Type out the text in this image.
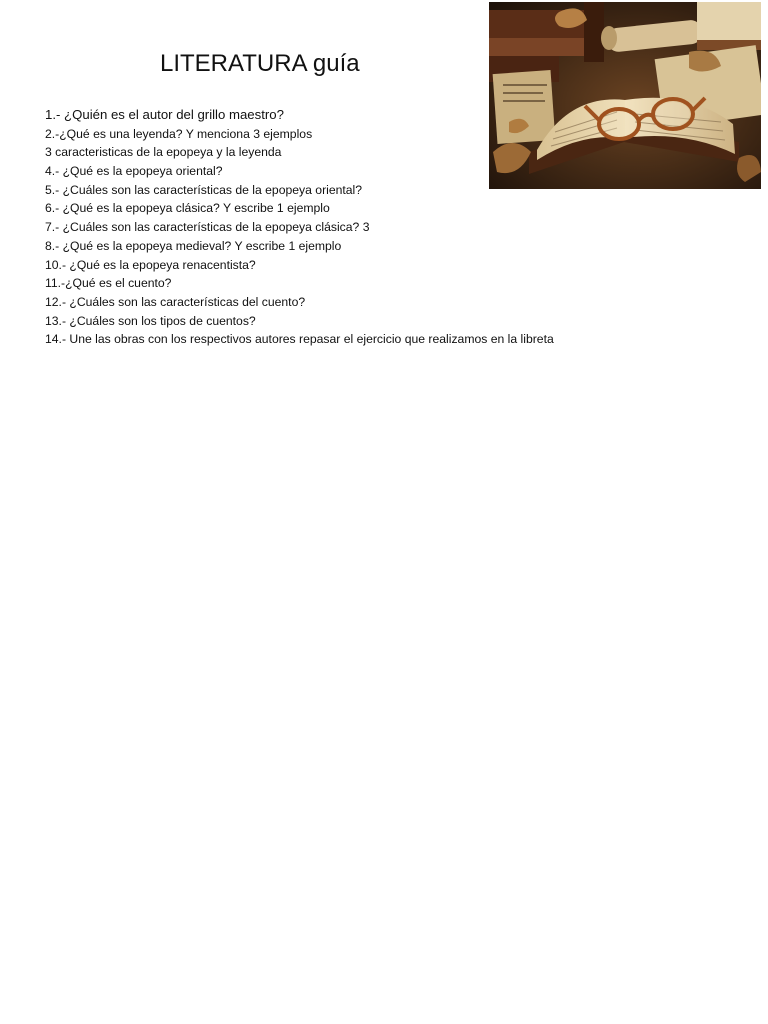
LITERATURA guía
1.- ¿Quién es el autor del grillo maestro?
2.-¿Qué es una leyenda? Y menciona 3 ejemplos
3 caracteristicas de la epopeya y la leyenda
4.- ¿Qué es la epopeya oriental?
5.- ¿Cuáles son las características de la epopeya oriental?
6.- ¿Qué es la epopeya clásica? Y escribe 1 ejemplo
7.- ¿Cuáles son las características de la epopeya clásica? 3
8.- ¿Qué es la epopeya medieval? Y escribe 1 ejemplo
10.- ¿Qué es la epopeya renacentista?
11.-¿Qué es el cuento?
12.- ¿Cuáles son las características del cuento?
13.- ¿Cuáles son los tipos de cuentos?
14.- Une las obras con los respectivos autores repasar el ejercicio que realizamos en la libreta
